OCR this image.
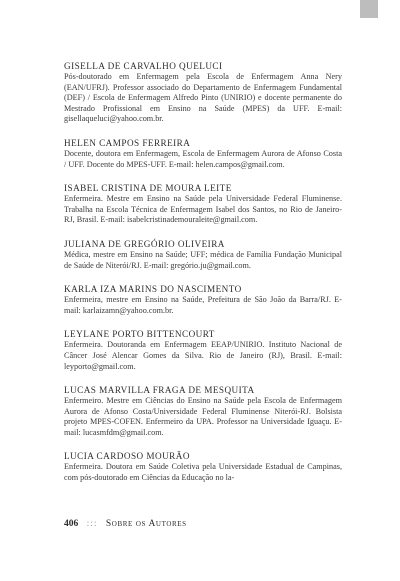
GISELLA DE CARVALHO QUELUCI
Pós-doutorado em Enfermagem pela Escola de Enfermagem Anna Nery (EAN/UFRJ). Professor associado do Departamento de Enfermagem Fundamental (DEF) / Escola de Enfermagem Alfredo Pinto (UNIRIO) e docente permanente do Mestrado Profissional em Ensino na Saúde (MPES) da UFF. E-mail: gisellaqueluci@yahoo.com.br.
HELEN CAMPOS FERREIRA
Docente, doutora em Enfermagem, Escola de Enfermagem Aurora de Afonso Costa / UFF. Docente do MPES-UFF. E-mail: helen.campos@gmail.com.
ISABEL CRISTINA DE MOURA LEITE
Enfermeira. Mestre em Ensino na Saúde pela Universidade Federal Fluminense. Trabalha na Escola Técnica de Enfermagem Isabel dos Santos, no Rio de Janeiro-RJ, Brasil. E-mail: isabelcristinademouraleite@gmail.com.
JULIANA DE GREGÓRIO OLIVEIRA
Médica, mestre em Ensino na Saúde; UFF; médica de Família Fundação Municipal de Saúde de Niterói/RJ. E-mail: gregório.ju@gmail.com.
KARLA IZA MARINS DO NASCIMENTO
Enfermeira, mestre em Ensino na Saúde, Prefeitura de São João da Barra/RJ. E-mail: karlaizamn@yahoo.com.br.
LEYLANE PORTO BITTENCOURT
Enfermeira. Doutoranda em Enfermagem EEAP/UNIRIO. Instituto Nacional de Câncer José Alencar Gomes da Silva. Rio de Janeiro (RJ), Brasil. E-mail: leyporto@gmail.com.
LUCAS MARVILLA FRAGA DE MESQUITA
Enfermeiro. Mestre em Ciências do Ensino na Saúde pela Escola de Enfermagem Aurora de Afonso Costa/Universidade Federal Fluminense Niterói-RJ. Bolsista projeto MPES-COFEN. Enfermeiro da UPA. Professor na Universidade Iguaçu. E-mail: lucasmfdm@gmail.com.
LUCIA CARDOSO MOURÃO
Enfermeira. Doutora em Saúde Coletiva pela Universidade Estadual de Campinas, com pós-doutorado em Ciências da Educação no la-
406 ::: Sobre os Autores
